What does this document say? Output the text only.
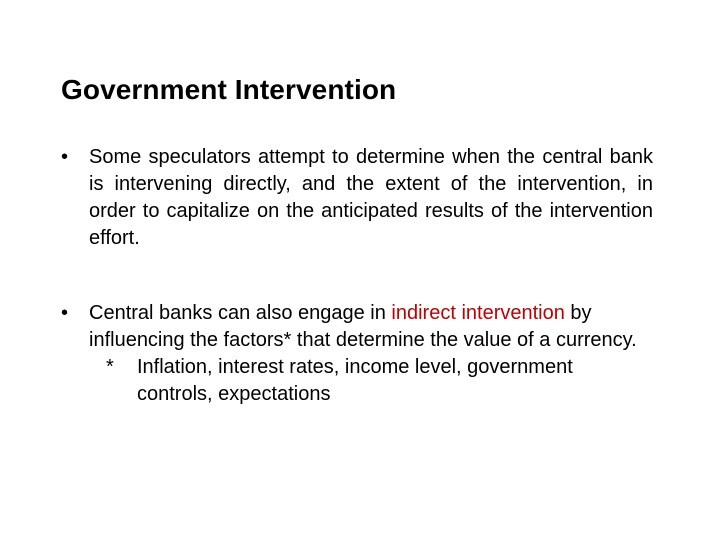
Government Intervention
• Some speculators attempt to determine when the central bank is intervening directly, and the extent of the intervention, in order to capitalize on the anticipated results of the intervention effort.
• Central banks can also engage in indirect intervention by influencing the factors* that determine the value of a currency.
* Inflation, interest rates, income level, government controls, expectations
